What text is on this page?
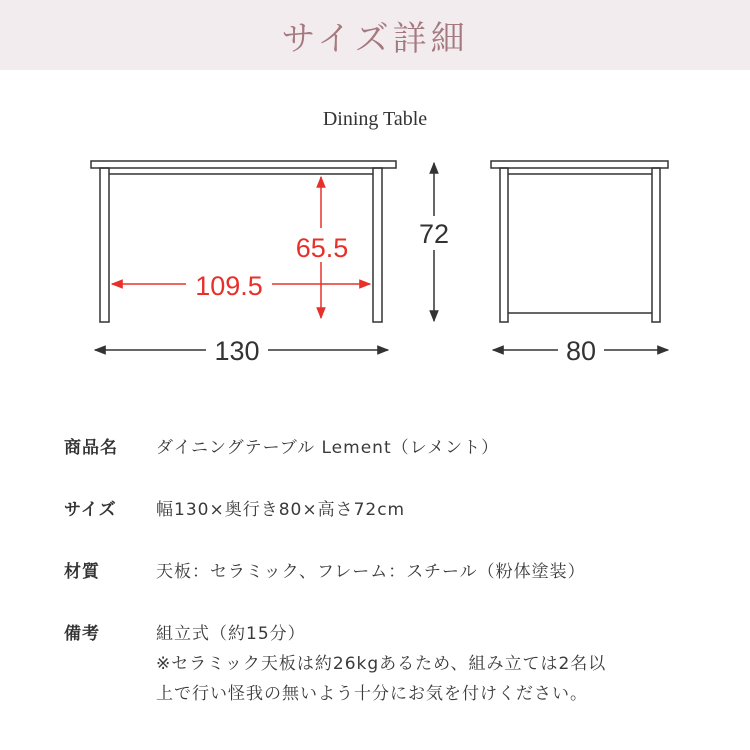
サイズ詳細
Dining Table
65.5
109.5
72
130	80
商品名	ダイニングテーブル Lement（レメント）
サイズ	幅130×奥行き80×高さ72cm
材質	天板：セラミック、フレーム：スチール（粉体塗装）
備考	組立式（約15分）
※セラミック天板は約26kgあるため、組み立ては2名以
上で行い怪我の無いよう十分にお気を付けください。
